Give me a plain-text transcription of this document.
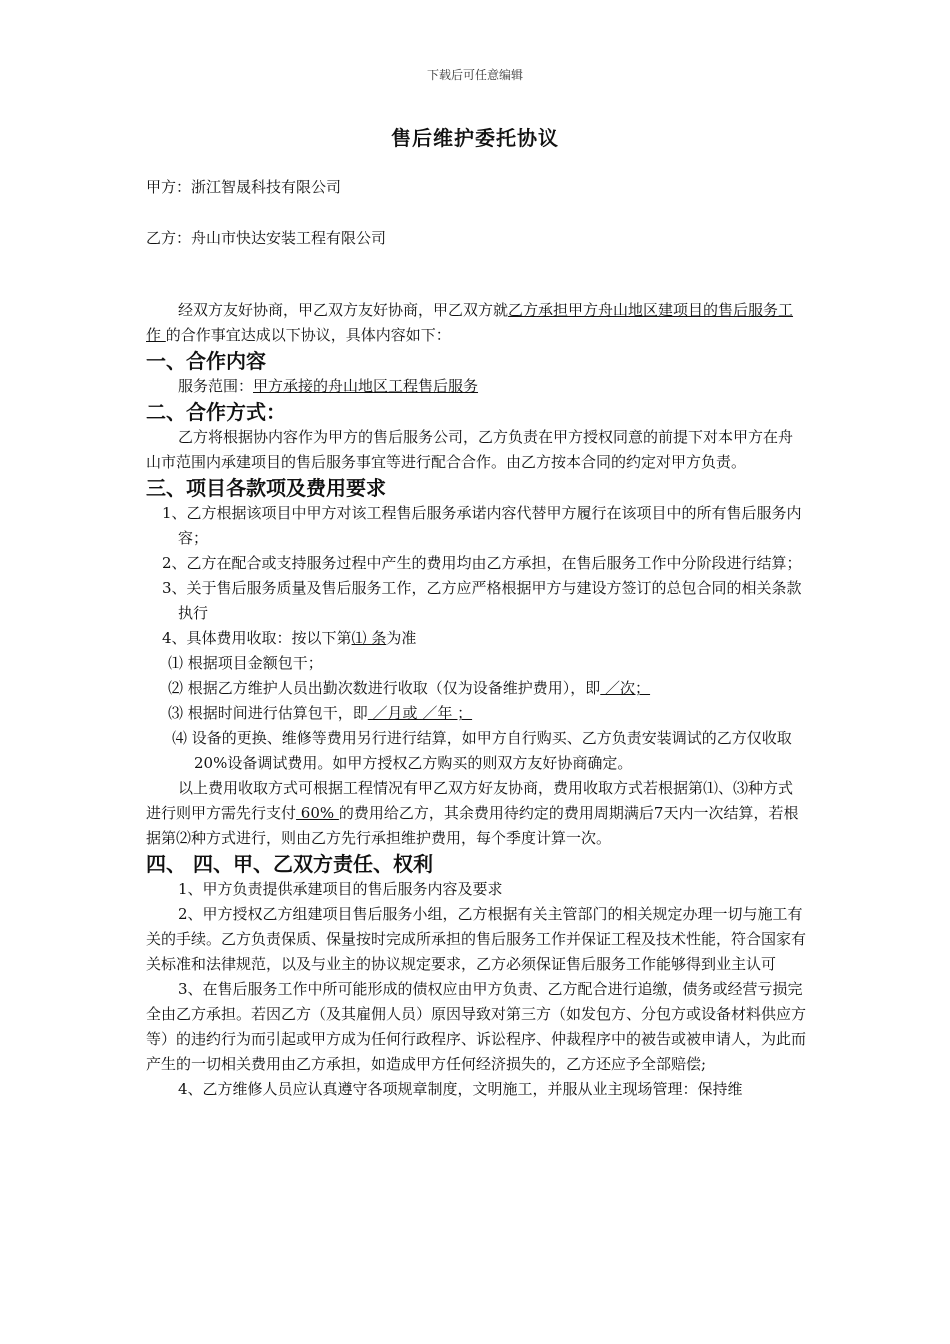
下载后可任意编辑
售后维护委托协议
甲方：浙江智晟科技有限公司
乙方：舟山市快达安装工程有限公司

经双方友好协商，甲乙双方友好协商，甲乙双方就乙方承担甲方舟山地区建项目的售后服务工作 的合作事宜达成以下协议，具体内容如下：

一、合作内容

服务范围：甲方承接的舟山地区工程售后服务

二、合作方式：

乙方将根据协内容作为甲方的售后服务公司，乙方负责在甲方授权同意的前提下对本甲方在舟山市范围内承建项目的售后服务事宜等进行配合合作。由乙方按本合同的约定对甲方负责。

三、项目各款项及费用要求

1、乙方根据该项目中甲方对该工程售后服务承诺内容代替甲方履行在该项目中的所有售后服务内容；

2、乙方在配合或支持服务过程中产生的费用均由乙方承担，在售后服务工作中分阶段进行结算；

3、关于售后服务质量及售后服务工作，乙方应严格根据甲方与建设方签订的总包合同的相关条款执行

4、具体费用收取：按以下第⑴ 条为准

⑴ 根据项目金额包干；

⑵ 根据乙方维护人员出勤次数进行收取（仅为设备维护费用），即 ／次；

⑶ 根据时间进行估算包干，即 ／月或 ／年 ；

⑷ 设备的更换、维修等费用另行进行结算，如甲方自行购买、乙方负责安装调试的乙方仅收取20%设备调试费用。如甲方授权乙方购买的则双方友好协商确定。

以上费用收取方式可根据工程情况有甲乙双方好友协商，费用收取方式若根据第⑴、⑶种方式进行则甲方需先行支付 60% 的费用给乙方，其余费用待约定的费用周期满后7天内一次结算，若根据第⑵种方式进行，则由乙方先行承担维护费用，每个季度计算一次。

四、 四、甲、乙双方责任、权利

1、甲方负责提供承建项目的售后服务内容及要求

2、甲方授权乙方组建项目售后服务小组，乙方根据有关主管部门的相关规定办理一切与施工有关的手续。乙方负责保质、保量按时完成所承担的售后服务工作并保证工程及技术性能，符合国家有关标准和法律规范，以及与业主的协议规定要求，乙方必须保证售后服务工作能够得到业主认可

3、在售后服务工作中所可能形成的债权应由甲方负责、乙方配合进行追缴，债务或经营亏损完全由乙方承担。若因乙方（及其雇佣人员）原因导致对第三方（如发包方、分包方或设备材料供应方等）的违约行为而引起或甲方成为任何行政程序、诉讼程序、仲裁程序中的被告或被申请人，为此而产生的一切相关费用由乙方承担，如造成甲方任何经济损失的，乙方还应予全部赔偿;

4、乙方维修人员应认真遵守各项规章制度，文明施工，并服从业主现场管理：保持维
